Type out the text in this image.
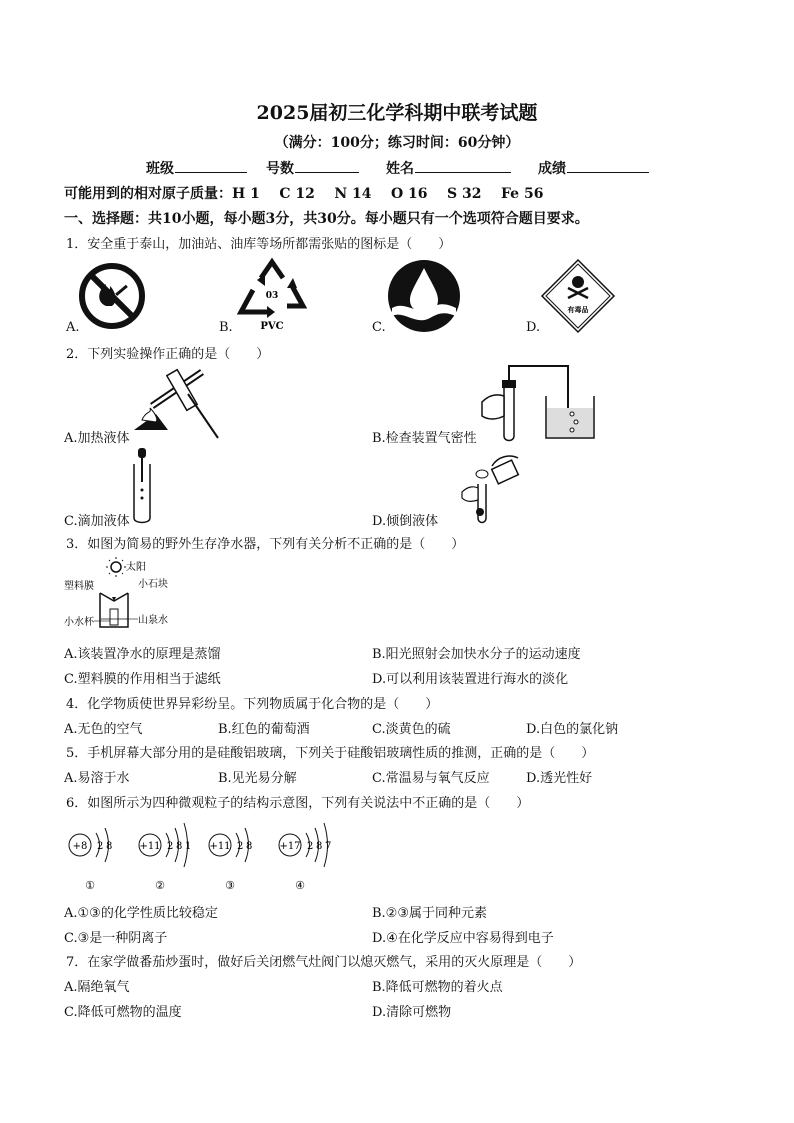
2025届初三化学科期中联考试题
（满分：100分；练习时间：60分钟）
班级	号数	姓名	成绩
可能用到的相对原子质量：H 1    C 12    N 14    O 16    S 32    Fe 56
一、选择题：共10小题，每小题3分，共30分。每小题只有一个选项符合题目要求。
1．安全重于泰山，加油站、油库等场所都需张贴的图标是（　　）
A.
03
PVC
B.	C.
有毒品
D.
2．下列实验操作正确的是（　　）
A.加热液体	B.检查装置气密性
C.滴加液体	D.倾倒液体
3．如图为简易的野外生存净水器，下列有关分析不正确的是（　　）
太阳
塑料膜	小石块
小水杯	山泉水
A.该装置净水的原理是蒸馏	B.阳光照射会加快水分子的运动速度
C.塑料膜的作用相当于滤纸	D.可以利用该装置进行海水的淡化
4．化学物质使世界异彩纷呈。下列物质属于化合物的是（　　）
A.无色的空气	B.红色的葡萄酒	C.淡黄色的硫	D.白色的氯化钠
5．手机屏幕大部分用的是硅酸铝玻璃，下列关于硅酸铝玻璃性质的推测，正确的是（　　）
A.易溶于水	B.见光易分解	C.常温易与氧气反应	D.透光性好
6．如图所示为四种微观粒子的结构示意图，下列有关说法中不正确的是（　　）
+8 2 8
①
+11 2 8 1
②
+11 2 8
③
+17 2 8 7
④
A.①③的化学性质比较稳定	B.②③属于同种元素
C.③是一种阴离子	D.④在化学反应中容易得到电子
7．在家学做番茄炒蛋时，做好后关闭燃气灶阀门以熄灭燃气，采用的灭火原理是（　　）
A.隔绝氧气	B.降低可燃物的着火点
C.降低可燃物的温度	D.清除可燃物
